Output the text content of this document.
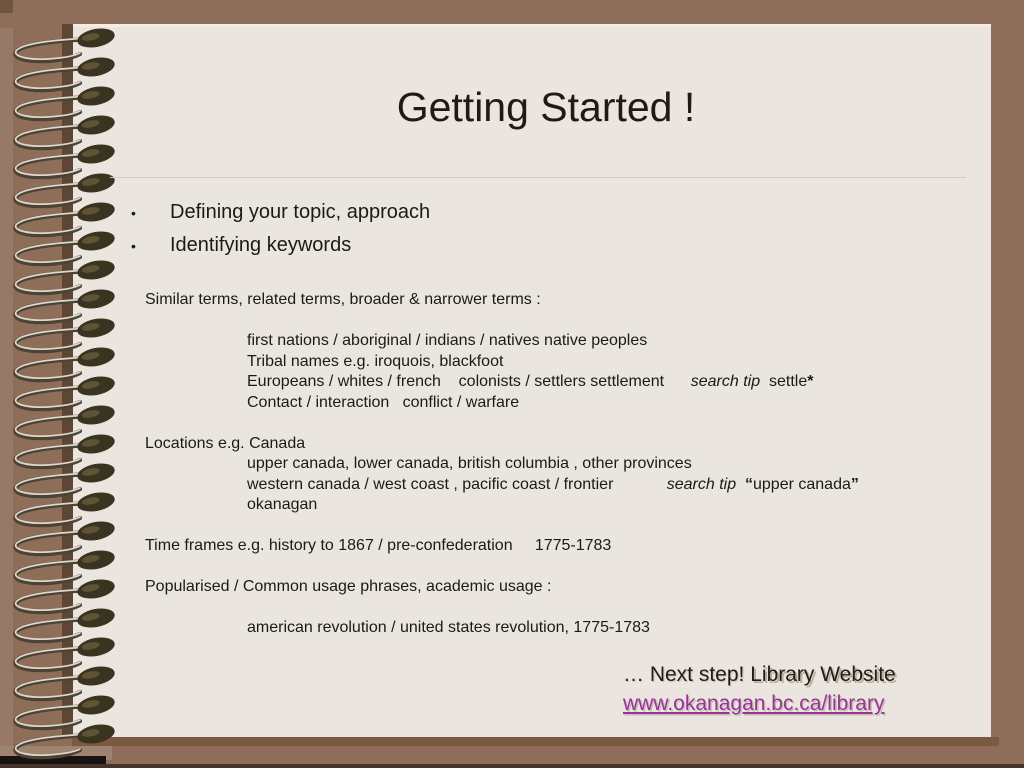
Getting Started !
•	Defining your topic, approach
•	Identifying keywords
Similar terms, related terms, broader & narrower terms :
first nations / aboriginal / indians / natives native peoples
Tribal names e.g. iroquois, blackfoot
Europeans / whites / french    colonists / settlers settlement      search tip  settle*
Contact / interaction   conflict / warfare
Locations e.g. Canada
upper canada, lower canada, british columbia , other provinces
western canada / west coast , pacific coast / frontier            search tip “upper canada”
okanagan
Time frames e.g. history to 1867 / pre-confederation     1775-1783
Popularised / Common usage phrases, academic usage :
american revolution / united states revolution, 1775-1783
… Next step! Library Website
www.okanagan.bc.ca/library
